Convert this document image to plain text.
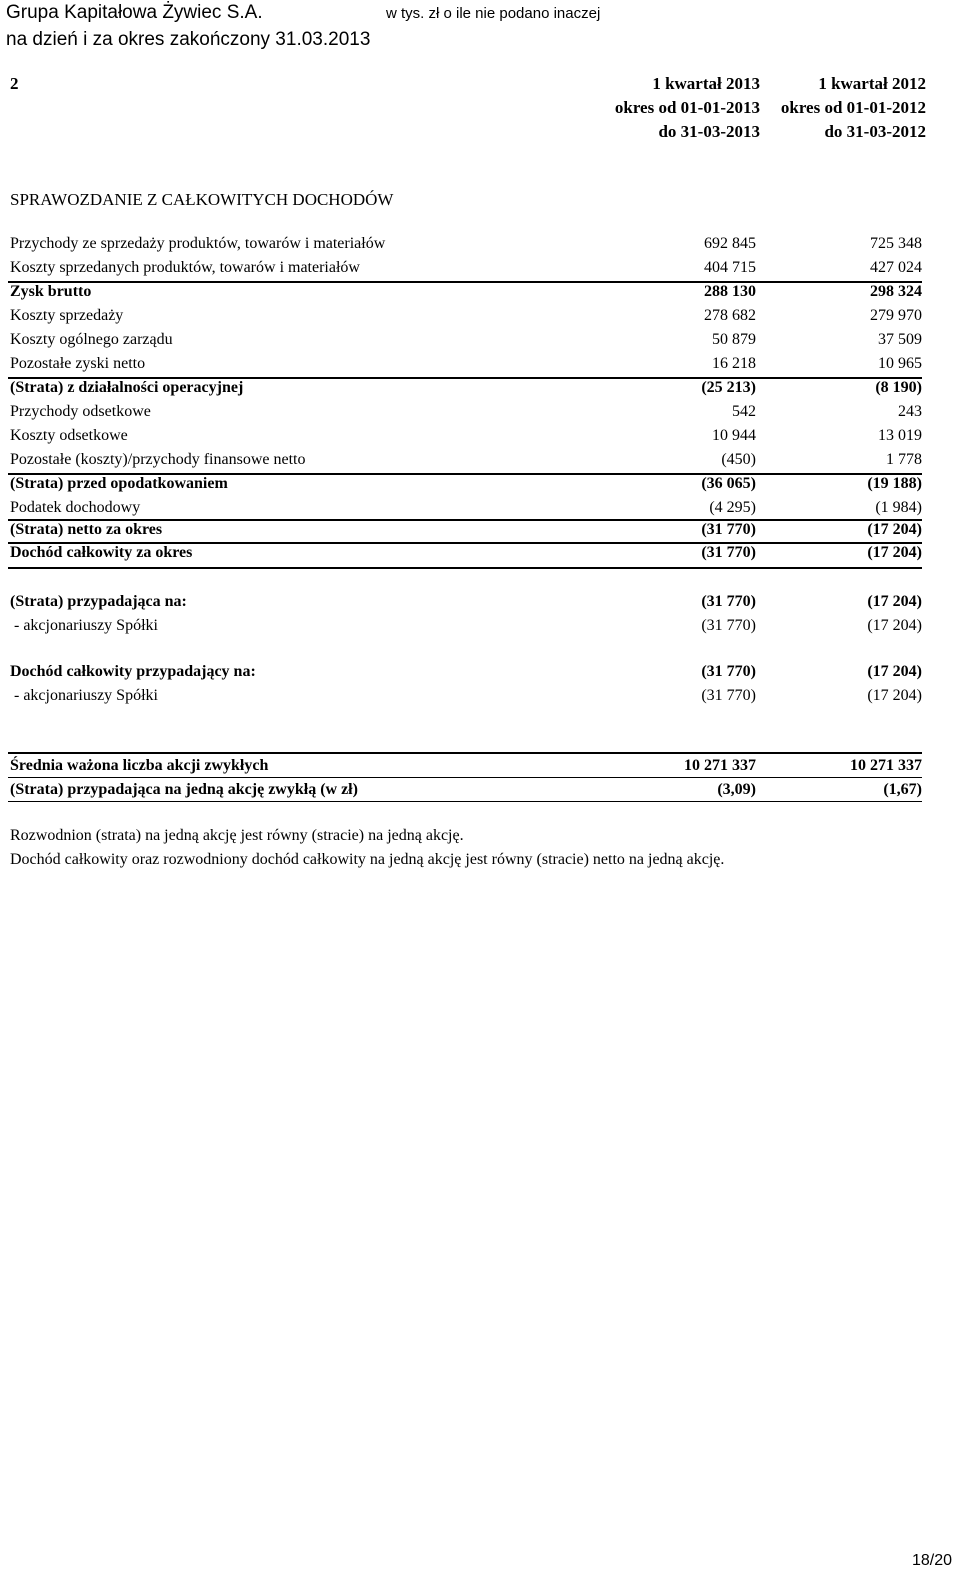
Grupa Kapitałowa Żywiec S.A.
na dzień i za okres zakończony 31.03.2013
w tys. zł o ile nie podano inaczej
2	1 kwartał 2013
okres od 01-01-2013
do 31-03-2013
1 kwartał 2012
okres od 01-01-2012
do 31-03-2012
SPRAWOZDANIE Z CAŁKOWITYCH DOCHODÓW
Przychody ze sprzedaży produktów, towarów i materiałów	692 845	725 348
Koszty sprzedanych produktów, towarów i materiałów	404 715	427 024
Zysk brutto	288 130	298 324
Koszty sprzedaży	278 682	279 970
Koszty ogólnego zarządu	50 879	37 509
Pozostałe zyski netto	16 218	10 965
(Strata) z działalności operacyjnej	(25 213)	(8 190)
Przychody odsetkowe	542	243
Koszty odsetkowe	10 944	13 019
Pozostałe (koszty)/przychody finansowe netto	(450)	1 778
(Strata) przed opodatkowaniem	(36 065)	(19 188)
Podatek dochodowy	(4 295)	(1 984)
(Strata) netto za okres	(31 770)	(17 204)
Dochód całkowity za okres	(31 770)	(17 204)
(Strata) przypadająca na:	(31 770)	(17 204)
- akcjonariuszy Spółki	(31 770)	(17 204)
Dochód całkowity przypadający na:	(31 770)	(17 204)
- akcjonariuszy Spółki	(31 770)	(17 204)
Średnia ważona liczba akcji zwykłych	10 271 337	10 271 337
(Strata) przypadająca na jedną akcję zwykłą (w zł)	(3,09)	(1,67)
Rozwodnion (strata) na jedną akcję jest równy (stracie) na jedną akcję.
Dochód całkowity oraz rozwodniony dochód całkowity na jedną akcję jest równy (stracie) netto na jedną akcję.
18/20
